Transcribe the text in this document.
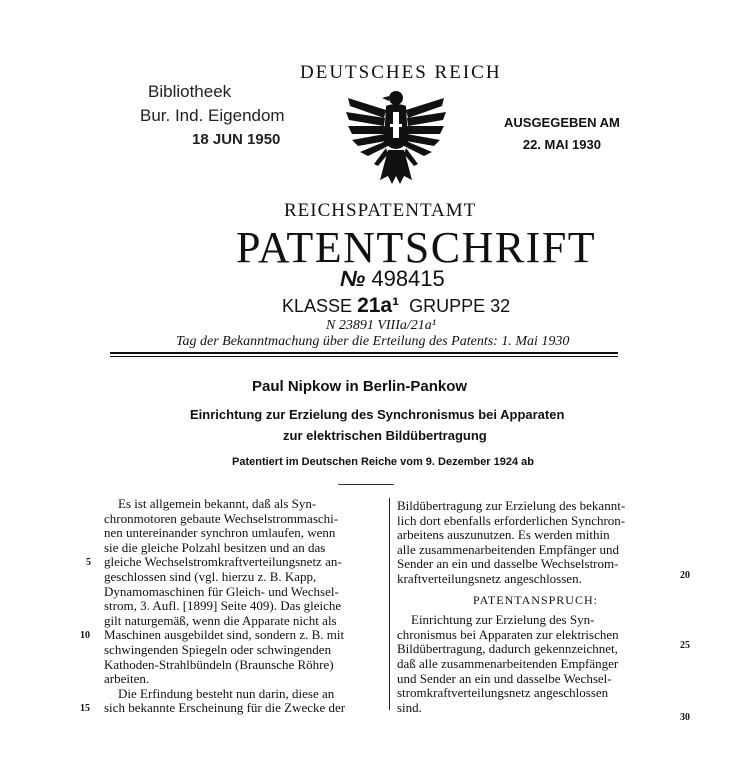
DEUTSCHES REICH
Bibliotheek
Bur. Ind. Eigendom
18 JUN 1950
AUSGEGEBEN AM
22. MAI 1930
REICHSPATENTAMT
PATENTSCHRIFT
№ 498415
KLASSE 21a¹ GRUPPE 32
N 23891 VIIIa/21a¹
Tag der Bekanntmachung über die Erteilung des Patents: 1. Mai 1930
Paul Nipkow in Berlin-Pankow
Einrichtung zur Erzielung des Synchronismus bei Apparaten
zur elektrischen Bildübertragung
Patentiert im Deutschen Reiche vom 9. Dezember 1924 ab
Es ist allgemein bekannt, daß als Syn-
chronmotoren gebaute Wechselstrommaschi-
nen untereinander synchron umlaufen, wenn
sie die gleiche Polzahl besitzen und an das
gleiche Wechselstromkraftverteilungsnetz an-
geschlossen sind (vgl. hierzu z. B. Kapp,
Dynamomaschinen für Gleich- und Wechsel-
strom, 3. Aufl. [1899] Seite 409). Das gleiche
gilt naturgemäß, wenn die Apparate nicht als
Maschinen ausgebildet sind, sondern z. B. mit
schwingenden Spiegeln oder schwingenden
Kathoden-Strahlbündeln (Braunsche Röhre)
arbeiten.
Die Erfindung besteht nun darin, diese an
sich bekannte Erscheinung für die Zwecke der
Bildübertragung zur Erzielung des bekannt-
lich dort ebenfalls erforderlichen Synchron-
arbeitens auszunutzen. Es werden mithin
alle zusammenarbeitenden Empfänger und
Sender an ein und dasselbe Wechselstrom-
kraftverteilungsnetz angeschlossen.
PATENTANSPRUCH:
Einrichtung zur Erzielung des Syn-
chronismus bei Apparaten zur elektrischen
Bildübertragung, dadurch gekennzeichnet,
daß alle zusammenarbeitenden Empfänger
und Sender an ein und dasselbe Wechsel-
stromkraftverteilungsnetz angeschlossen
sind.
5
10
15
20
25
30
